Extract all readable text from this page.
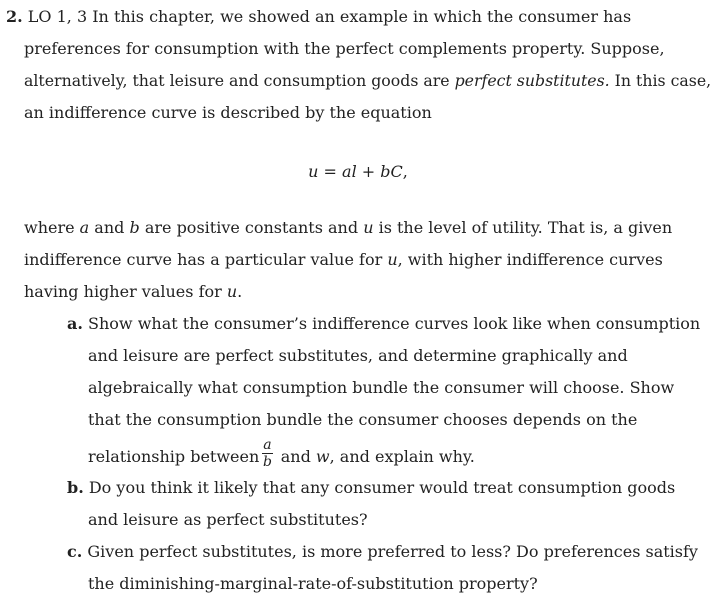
2. LO 1, 3 In this chapter, we showed an example in which the consumer has
preferences for consumption with the perfect complements property. Suppose,
alternatively, that leisure and consumption goods are perfect substitutes. In this case,
an indifference curve is described by the equation
u = al + bC,
where a and b are positive constants and u is the level of utility. That is, a given
indifference curve has a particular value for u, with higher indifference curves
having higher values for u.
a. Show what the consumer’s indifference curves look like when consumption
and leisure are perfect substitutes, and determine graphically and
algebraically what consumption bundle the consumer will choose. Show
that the consumption bundle the consumer chooses depends on the
relationship between $\frac{a}{b}$ and w, and explain why.
b. Do you think it likely that any consumer would treat consumption goods
and leisure as perfect substitutes?
c. Given perfect substitutes, is more preferred to less? Do preferences satisfy
the diminishing-marginal-rate-of-substitution property?
